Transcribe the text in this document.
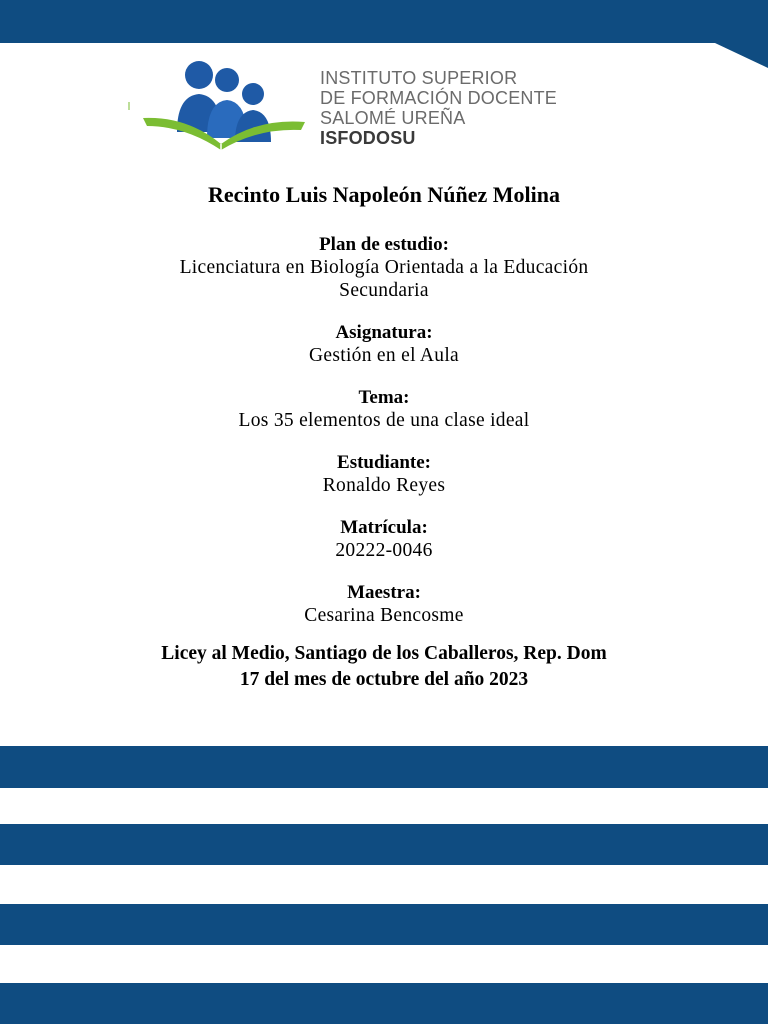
INSTITUTO SUPERIOR
DE FORMACIÓN DOCENTE
SALOMÉ UREÑA
ISFODOSU
Recinto Luis Napoleón Núñez Molina
Plan de estudio:
Licenciatura en Biología Orientada a la Educación
Secundaria
Asignatura:
Gestión en el Aula
Tema:
Los 35 elementos de una clase ideal
Estudiante:
Ronaldo Reyes
Matrícula:
20222-0046
Maestra:
Cesarina Bencosme
Licey al Medio, Santiago de los Caballeros, Rep. Dom
17 del mes de octubre del año 2023
